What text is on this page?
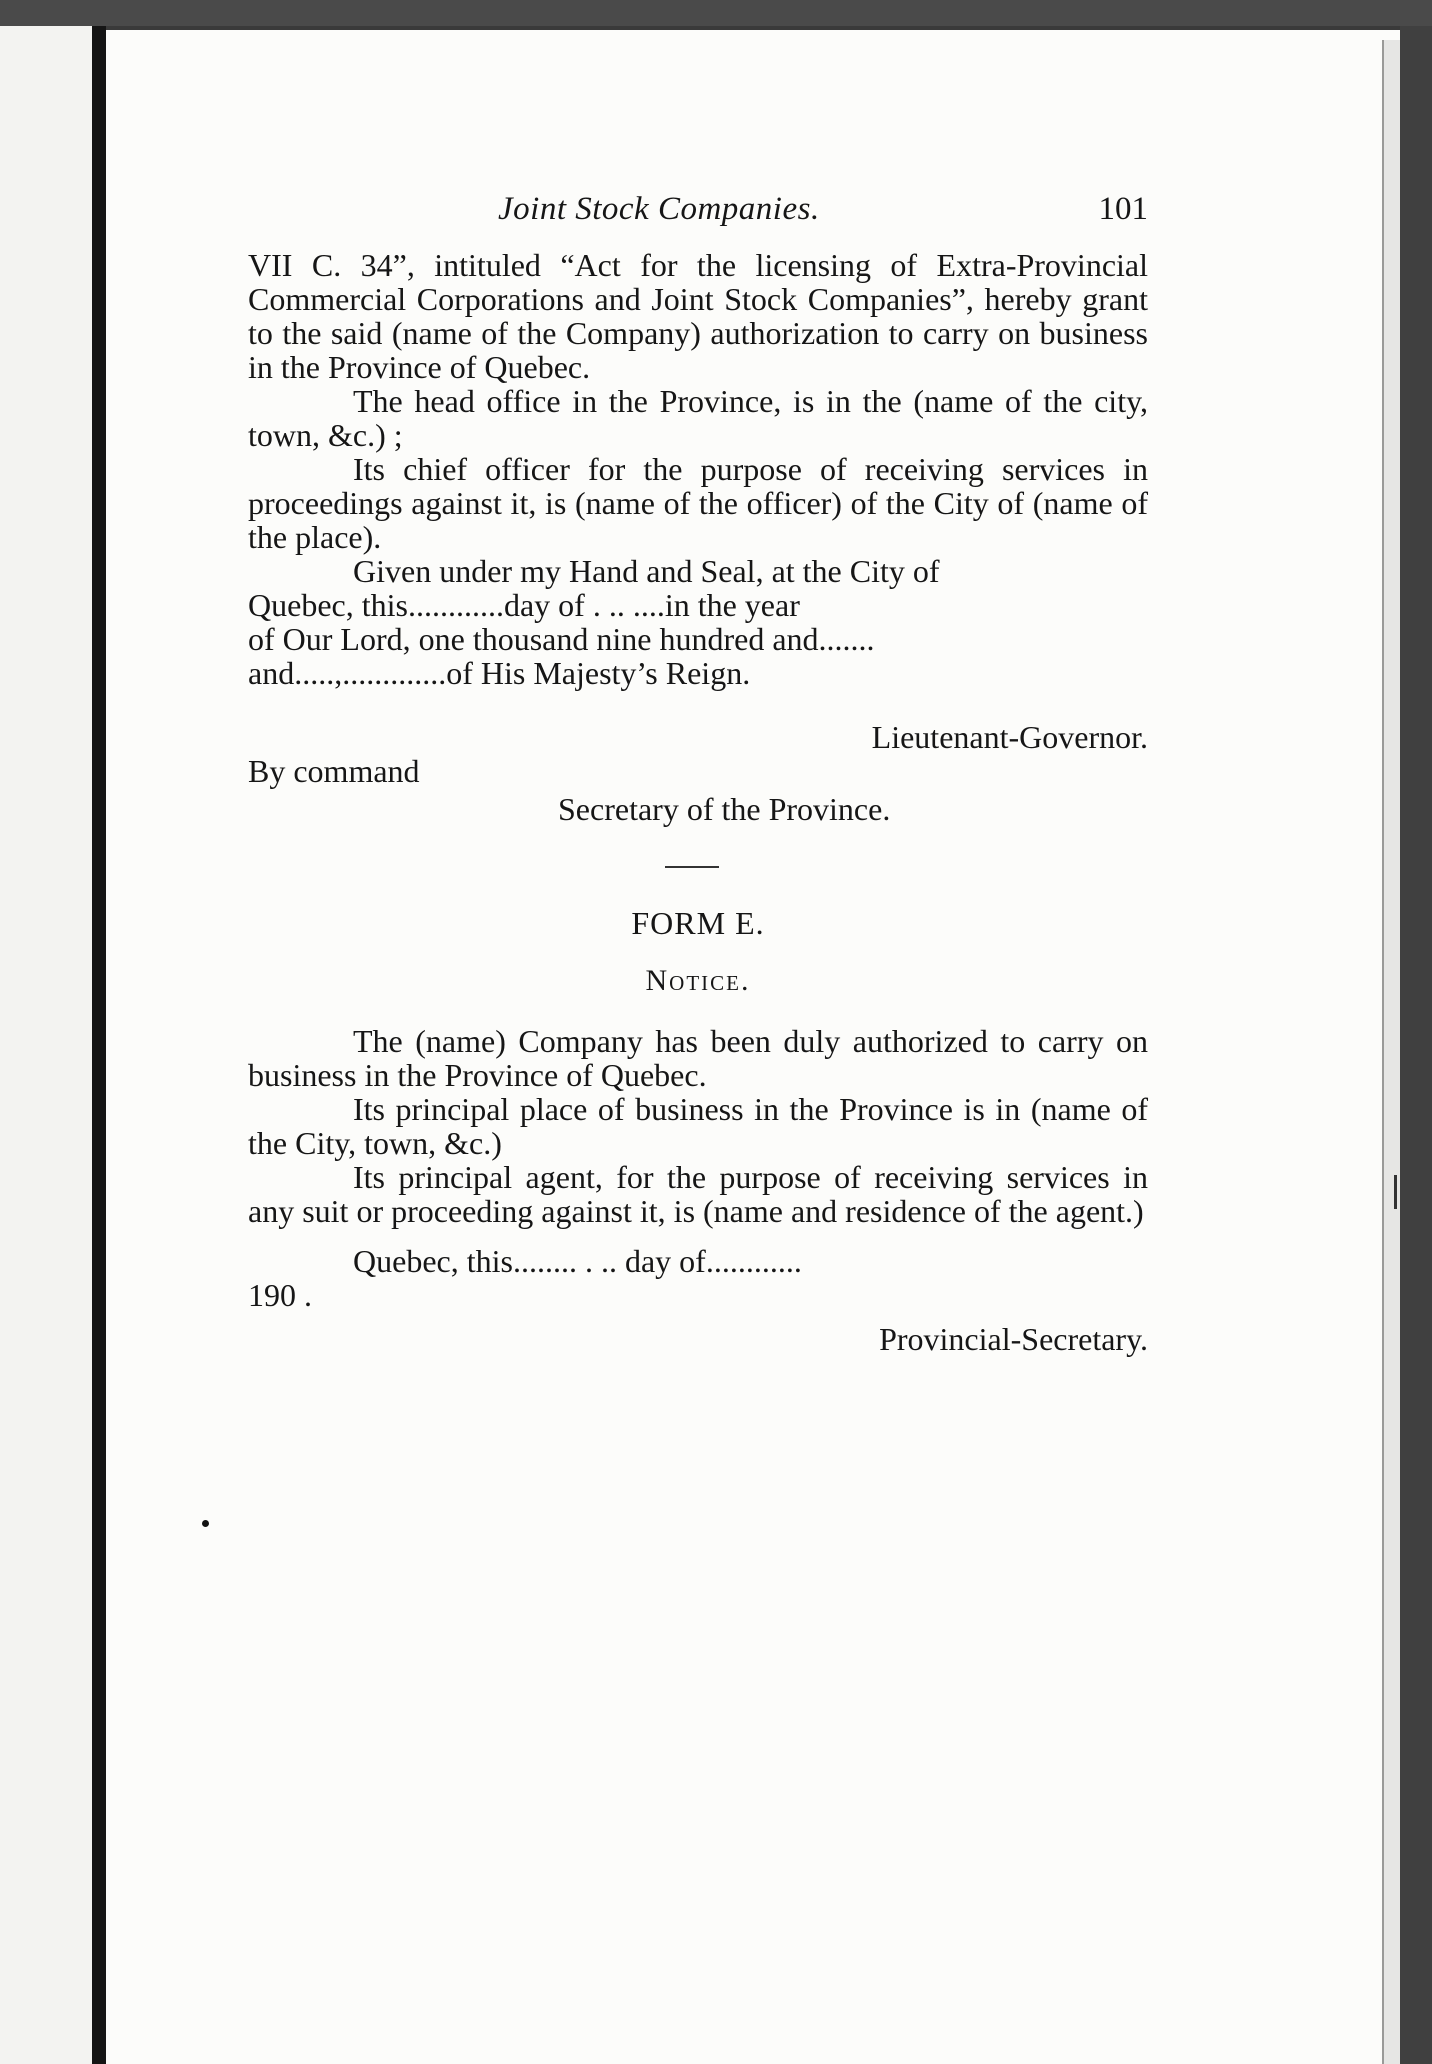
Joint Stock Companies.	101

VII C. 34”, intituled “Act for the licensing of Extra-Provincial Commercial Corporations and Joint Stock Companies”, hereby grant to the said (name of the Company) authorization to carry on business in the Province of Quebec.

The head office in the Province, is in the (name of the city, town, &c.) ;

Its chief officer for the purpose of receiving services in proceedings against it, is (name of the officer) of the City of (name of the place).

Given under my Hand and Seal, at the City of

Quebec, this............day of . .. ....in the year

of Our Lord, one thousand nine hundred and.......

and.....,.............of His Majesty’s Reign.

Lieutenant-Governor.

By command

Secretary of the Province.

FORM E.
Notice.

The (name) Company has been duly authorized to carry on business in the Province of Quebec.

Its principal place of business in the Province is in (name of the City, town, &c.)

Its principal agent, for the purpose of receiving services in any suit or proceeding against it, is (name and residence of the agent.)

Quebec, this........ . .. day of............

190 .

Provincial-Secretary.
